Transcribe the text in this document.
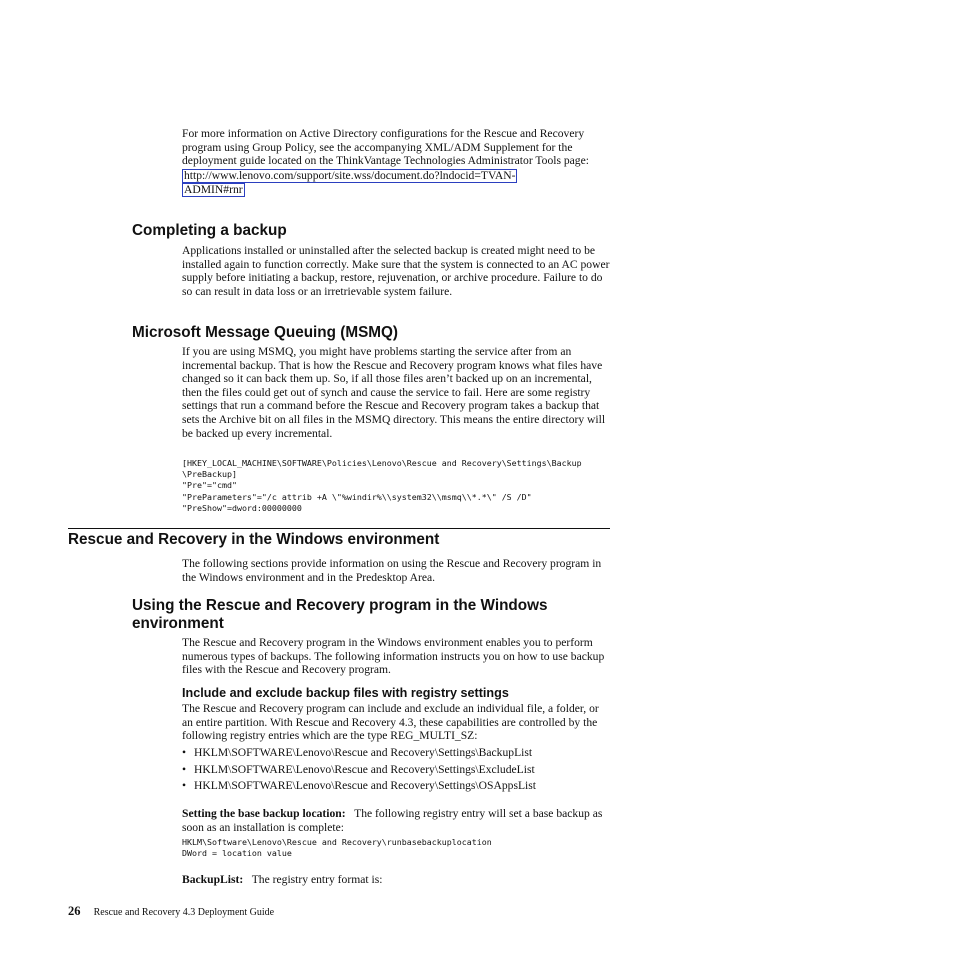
For more information on Active Directory configurations for the Rescue and Recovery program using Group Policy, see the accompanying XML/ADM Supplement for the deployment guide located on the ThinkVantage Technologies Administrator Tools page:

http://www.lenovo.com/support/site.wss/document.do?lndocid=TVAN-
ADMIN#rnr
Completing a backup

Applications installed or uninstalled after the selected backup is created might need to be installed again to function correctly. Make sure that the system is connected to an AC power supply before initiating a backup, restore, rejuvenation, or archive procedure. Failure to do so can result in data loss or an irretrievable system failure.

Microsoft Message Queuing (MSMQ)

If you are using MSMQ, you might have problems starting the service after from an incremental backup. That is how the Rescue and Recovery program knows what files have changed so it can back them up. So, if all those files aren’t backed up on an incremental, then the files could get out of synch and cause the service to fail. Here are some registry settings that run a command before the Rescue and Recovery program takes a backup that sets the Archive bit on all files in the MSMQ directory. This means the entire directory will be backed up every incremental.

[HKEY_LOCAL_MACHINE\SOFTWARE\Policies\Lenovo\Rescue and Recovery\Settings\Backup
\PreBackup]
"Pre"="cmd"
"PreParameters"="/c attrib +A \"%windir%\\system32\\msmq\\*.*\" /S /D"
"PreShow"=dword:00000000
Rescue and Recovery in the Windows environment

The following sections provide information on using the Rescue and Recovery program in the Windows environment and in the Predesktop Area.

Using the Rescue and Recovery program in the Windows
environment

The Rescue and Recovery program in the Windows environment enables you to perform numerous types of backups. The following information instructs you on how to use backup files with the Rescue and Recovery program.

Include and exclude backup files with registry settings

The Rescue and Recovery program can include and exclude an individual file, a folder, or an entire partition. With Rescue and Recovery 4.3, these capabilities are controlled by the following registry entries which are the type REG_MULTI_SZ:

• HKLM\SOFTWARE\Lenovo\Rescue and Recovery\Settings\BackupList
• HKLM\SOFTWARE\Lenovo\Rescue and Recovery\Settings\ExcludeList
• HKLM\SOFTWARE\Lenovo\Rescue and Recovery\Settings\OSAppsList

Setting the base backup location: The following registry entry will set a base backup as soon as an installation is complete:

HKLM\Software\Lenovo\Rescue and Recovery\runbasebackuplocation
DWord = location value

BackupList: The registry entry format is:

26 Rescue and Recovery 4.3 Deployment Guide
